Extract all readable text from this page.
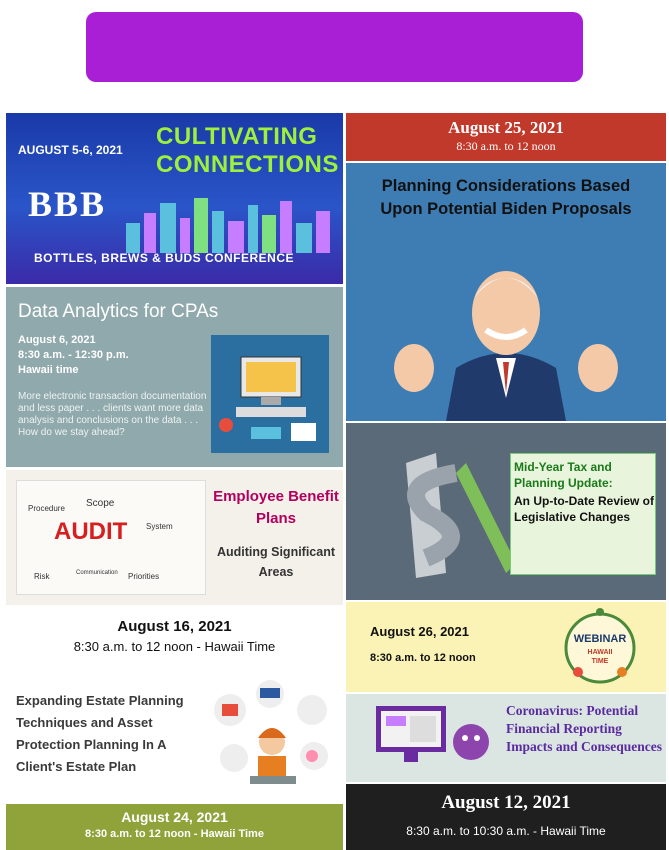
AUGUST 5-6, 2021 CULTIVATING
CONNECTIONS
BBB
BOTTLES, BREWS & BUDS CONFERENCE
Data Analytics for CPAs
August 6, 2021
8:30 a.m. - 12:30 p.m.
Hawaii time
More electronic transaction documentation and less paper . . . clients want more data analysis and conclusions on the data . . . How do we stay ahead?
AUDIT
Procedure Scope
System
Risk	Communication Priorities
Employee Benefit Plans
Auditing Significant Areas
August 16, 2021
8:30 a.m. to 12 noon - Hawaii Time
Expanding Estate Planning Techniques and Asset Protection Planning In A Client's Estate Plan
August 24, 2021
8:30 a.m. to 12 noon - Hawaii Time
August 25, 2021
8:30 a.m. to 12 noon
Planning Considerations Based Upon Potential Biden Proposals
Mid-Year Tax and Planning Update:
An Up-to-Date Review of Legislative Changes
August 26, 2021
8:30 a.m. to 12 noon
WEBINAR
HAWAII
TIME
Coronavirus: Potential Financial Reporting Impacts and Consequences
August 12, 2021
8:30 a.m. to 10:30 a.m. - Hawaii Time
